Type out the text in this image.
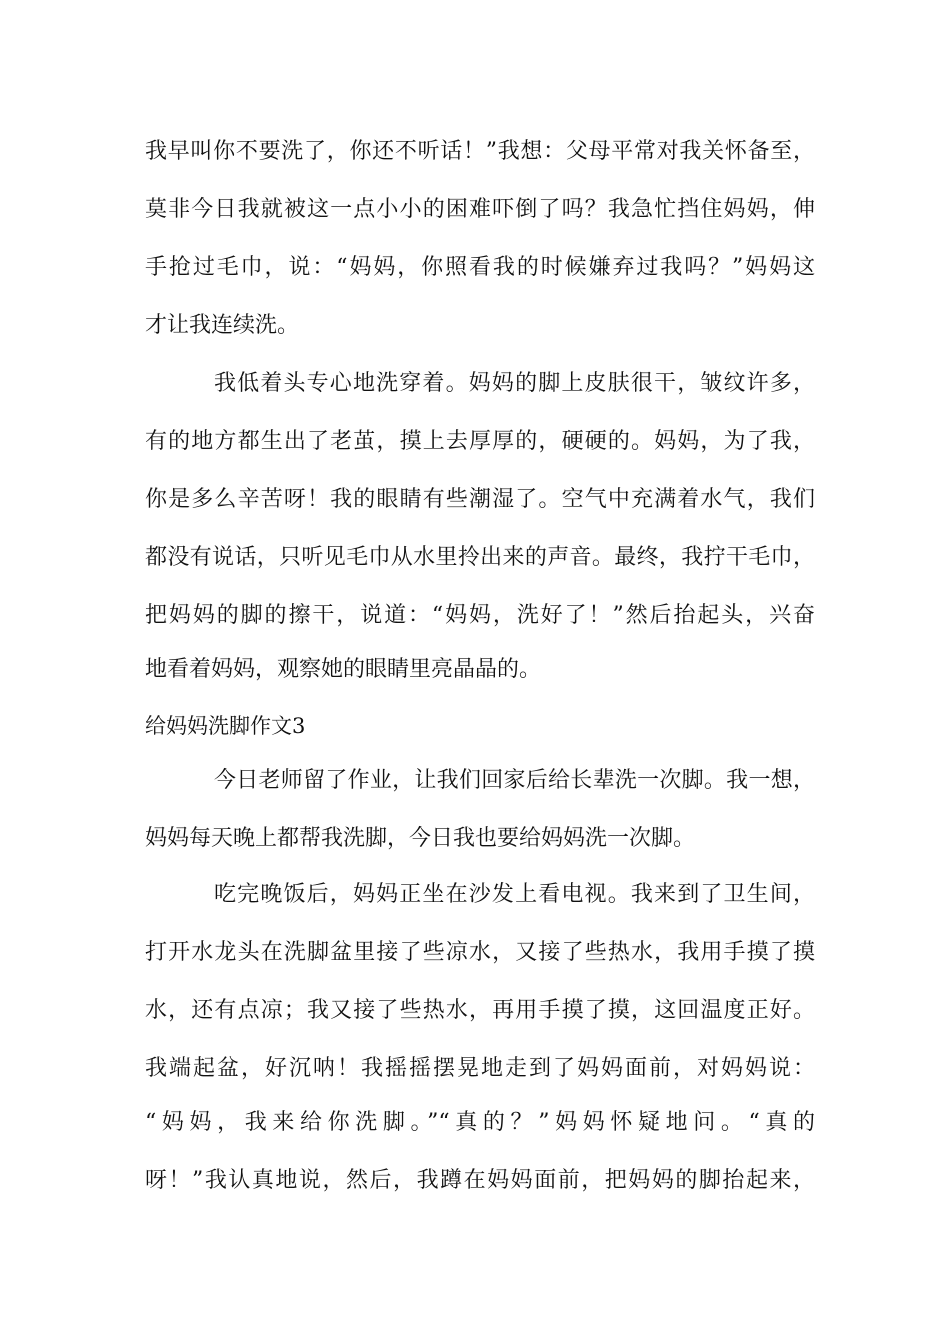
我早叫你不要洗了，你还不听话！”我想：父母平常对我关怀备至，
莫非今日我就被这一点小小的困难吓倒了吗？我急忙挡住妈妈，伸
手抢过毛巾，说：“妈妈，你照看我的时候嫌弃过我吗？”妈妈这
才让我连续洗。
我低着头专心地洗穿着。妈妈的脚上皮肤很干，皱纹许多，
有的地方都生出了老茧，摸上去厚厚的，硬硬的。妈妈，为了我，
你是多么辛苦呀！我的眼睛有些潮湿了。空气中充满着水气，我们
都没有说话，只听见毛巾从水里拎出来的声音。最终，我拧干毛巾，
把妈妈的脚的擦干，说道：“妈妈，洗好了！”然后抬起头，兴奋
地看着妈妈，观察她的眼睛里亮晶晶的。
给妈妈洗脚作文3
今日老师留了作业，让我们回家后给长辈洗一次脚。我一想，
妈妈每天晚上都帮我洗脚，今日我也要给妈妈洗一次脚。
吃完晚饭后，妈妈正坐在沙发上看电视。我来到了卫生间，
打开水龙头在洗脚盆里接了些凉水，又接了些热水，我用手摸了摸
水，还有点凉；我又接了些热水，再用手摸了摸，这回温度正好。
我端起盆，好沉呐！我摇摇摆晃地走到了妈妈面前，对妈妈说：
“妈妈，我来给你洗脚。”“真的？”妈妈怀疑地问。“真的
呀！”我认真地说，然后，我蹲在妈妈面前，把妈妈的脚抬起来，
